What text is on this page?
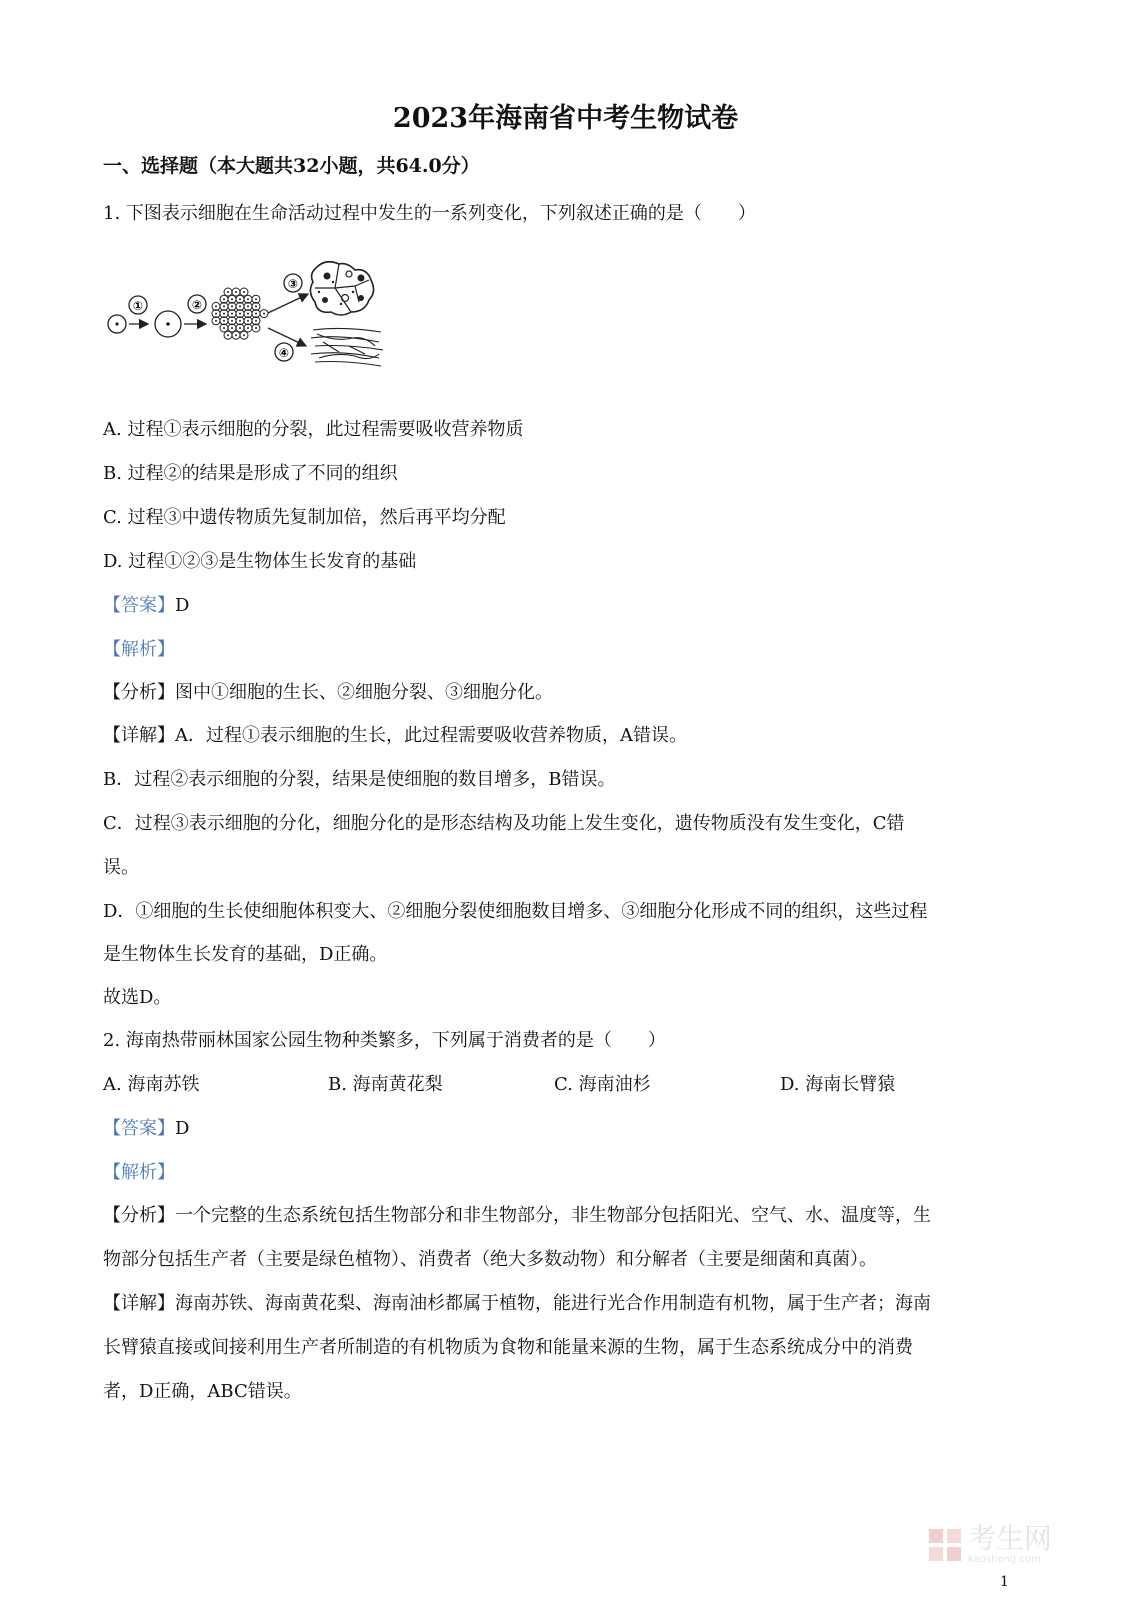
2023年海南省中考生物试卷
一、选择题（本大题共32小题，共64.0分）
1. 下图表示细胞在生命活动过程中发生的一系列变化，下列叙述正确的是（　　）
①	②
③
④
A. 过程①表示细胞的分裂，此过程需要吸收营养物质
B. 过程②的结果是形成了不同的组织
C. 过程③中遗传物质先复制加倍，然后再平均分配
D. 过程①②③是生物体生长发育的基础
【答案】D
【解析】
【分析】图中①细胞的生长、②细胞分裂、③细胞分化。
【详解】A．过程①表示细胞的生长，此过程需要吸收营养物质，A错误。
B．过程②表示细胞的分裂，结果是使细胞的数目增多，B错误。
C．过程③表示细胞的分化，细胞分化的是形态结构及功能上发生变化，遗传物质没有发生变化，C错
误。
D．①细胞的生长使细胞体积变大、②细胞分裂使细胞数目增多、③细胞分化形成不同的组织，这些过程
是生物体生长发育的基础，D正确。
故选D。
2. 海南热带丽林国家公园生物种类繁多，下列属于消费者的是（　　）
A. 海南苏铁	B. 海南黄花梨	C. 海南油杉	D. 海南长臂猿
【答案】D
【解析】
【分析】一个完整的生态系统包括生物部分和非生物部分，非生物部分包括阳光、空气、水、温度等，生
物部分包括生产者（主要是绿色植物）、消费者（绝大多数动物）和分解者（主要是细菌和真菌）。
【详解】海南苏铁、海南黄花梨、海南油杉都属于植物，能进行光合作用制造有机物，属于生产者；海南
长臂猿直接或间接利用生产者所制造的有机物质为食物和能量来源的生物，属于生态系统成分中的消费
者，D正确，ABC错误。
考生网
kaosheng.com
1
